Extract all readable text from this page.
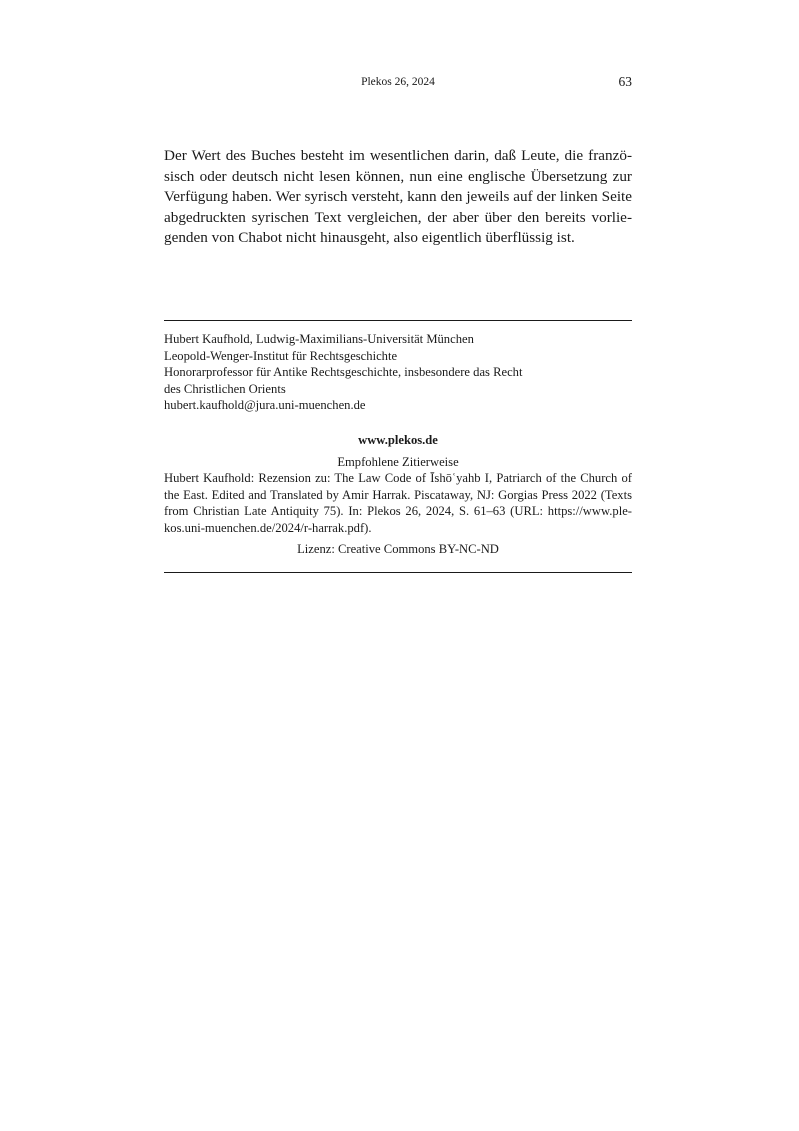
Plekos 26, 2024	63

Der Wert des Buches besteht im wesentlichen darin, daß Leute, die französisch oder deutsch nicht lesen können, nun eine englische Übersetzung zur Verfügung haben. Wer syrisch versteht, kann den jeweils auf der linken Seite abgedruckten syrischen Text vergleichen, der aber über den bereits vorliegenden von Chabot nicht hinausgeht, also eigentlich überflüssig ist.

Hubert Kaufhold, Ludwig-Maximilians-Universität München
Leopold-Wenger-Institut für Rechtsgeschichte
Honorarprofessor für Antike Rechtsgeschichte, insbesondere das Recht
des Christlichen Orients
hubert.kaufhold@jura.uni-muenchen.de
www.plekos.de
Empfohlene Zitierweise

Hubert Kaufhold: Rezension zu: The Law Code of Īshōʿyahb I, Patriarch of the Church of the East. Edited and Translated by Amir Harrak. Piscataway, NJ: Gorgias Press 2022 (Texts from Christian Late Antiquity 75). In: Plekos 26, 2024, S. 61–63 (URL: https://www.plekos.uni-muenchen.de/2024/r-harrak.pdf).

Lizenz: Creative Commons BY-NC-ND
